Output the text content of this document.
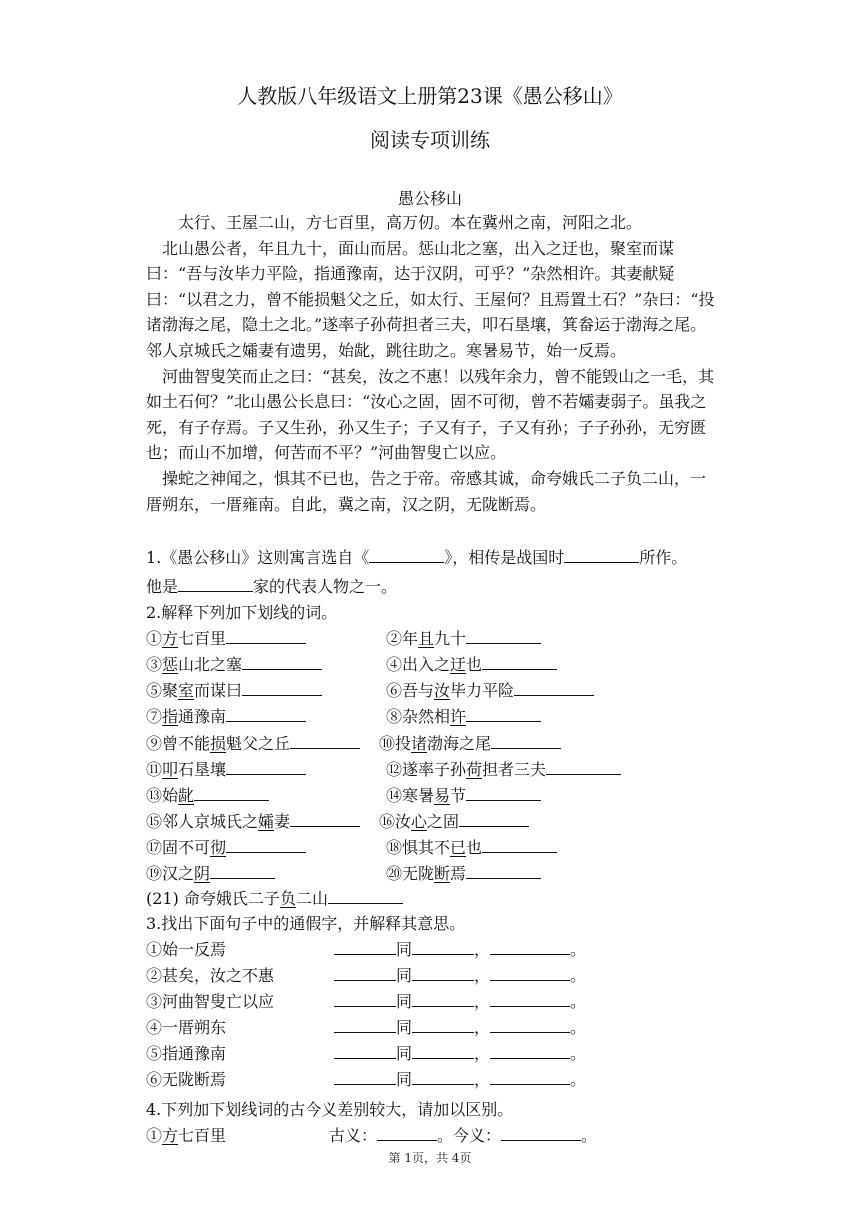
人教版八年级语文上册第23课《愚公移山》
阅读专项训练
愚公移山

　　太行、王屋二山，方七百里，高万仞。本在冀州之南，河阳之北。

　北山愚公者，年且九十，面山而居。惩山北之塞，出入之迂也，聚室而谋曰：“吾与汝毕力平险，指通豫南，达于汉阴，可乎？”杂然相许。其妻献疑曰：“以君之力，曾不能损魁父之丘，如太行、王屋何？且焉置土石？”杂曰：“投诸渤海之尾，隐土之北。”遂率子孙荷担者三夫，叩石垦壤，箕畚运于渤海之尾。邻人京城氏之孀妻有遗男，始龀，跳往助之。寒暑易节，始一反焉。

　河曲智叟笑而止之曰：“甚矣，汝之不惠！以残年余力，曾不能毁山之一毛，其如土石何？”北山愚公长息曰：“汝心之固，固不可彻，曾不若孀妻弱子。虽我之死，有子存焉。子又生孙，孙又生子；子又有子，子又有孙；子子孙孙，无穷匮也；而山不加增，何苦而不平？”河曲智叟亡以应。

　操蛇之神闻之，惧其不已也，告之于帝。帝感其诚，命夸娥氏二子负二山，一厝朔东，一厝雍南。自此，冀之南，汉之阴，无陇断焉。

1.《愚公移山》这则寓言选自《	》，相传是战国时	所作。
他是	家的代表人物之一。
2.解释下列加下划线的词。
①方七百里	②年且九十
③惩山北之塞	④出入之迂也
⑤聚室而谋曰	⑥吾与汝毕力平险
⑦指通豫南	⑧杂然相许
⑨曾不能损魁父之丘	⑩投诸渤海之尾
⑪叩石垦壤	⑫遂率子孙荷担者三夫
⑬始龀	⑭寒暑易节
⑮邻人京城氏之孀妻	⑯汝心之固
⑰固不可彻	⑱惧其不已也
⑲汉之阴	⑳无陇断焉
(21) 命夸娥氏二子负二山
3.找出下面句子中的通假字，并解释其意思。
①始一反焉	同	，	。
②甚矣，汝之不惠	同	，	。
③河曲智叟亡以应	同	，	。
④一厝朔东	同	，	。
⑤指通豫南	同	，	。
⑥无陇断焉	同	，	。
4.下列加下划线词的古今义差别较大，请加以区别。
①方七百里	古义：	。今义：	。
第 1页，共 4页
